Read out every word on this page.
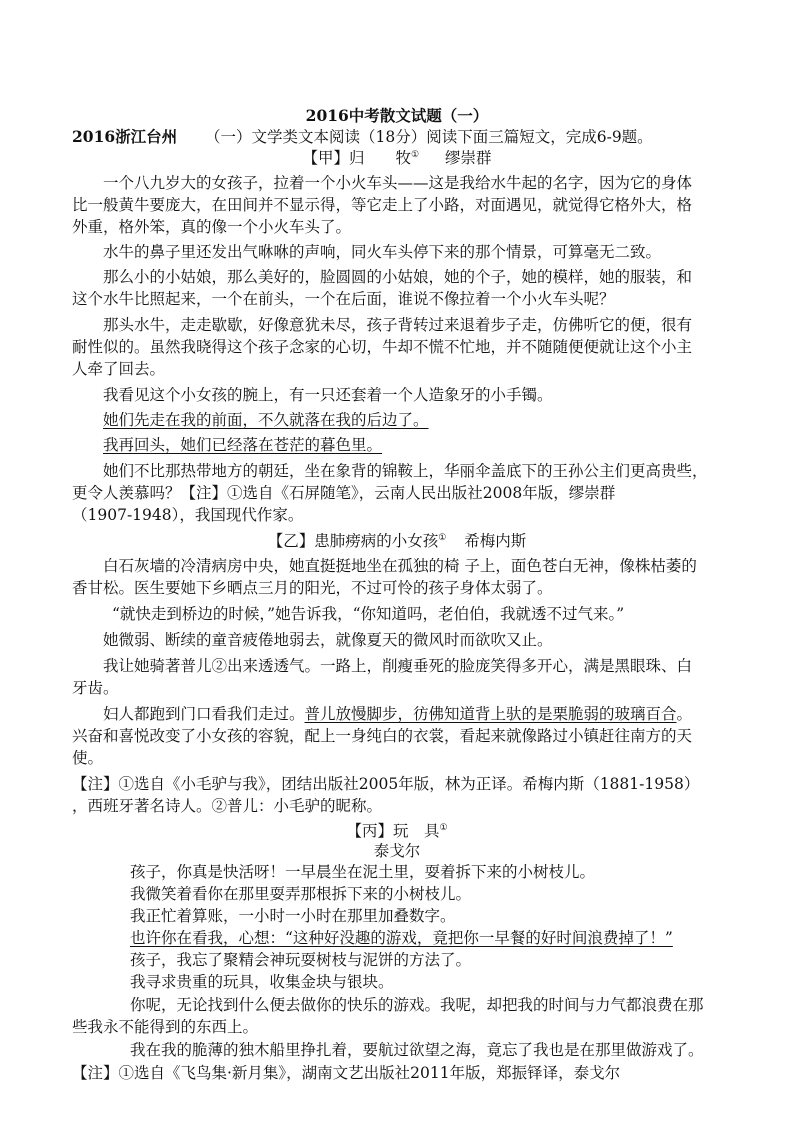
2016中考散文试题（一）
2016浙江台州 （一）文学类文本阅读（18分）阅读下面三篇短文，完成6-9题。
【甲】归　　牧① 缪崇群
一个八九岁大的女孩子，拉着一个小火车头——这是我给水牛起的名字，因为它的身体
比一般黄牛要庞大，在田间并不显示得，等它走上了小路，对面遇见，就觉得它格外大，格
外重，格外笨，真的像一个小火车头了。
水牛的鼻子里还发出气咻咻的声响，同火车头停下来的那个情景，可算毫无二致。
那么小的小姑娘，那么美好的，脸圆圆的小姑娘，她的个子，她的模样，她的服装，和
这个水牛比照起来，一个在前头，一个在后面，谁说不像拉着一个小火车头呢？
那头水牛，走走歇歇，好像意犹未尽，孩子背转过来退着步子走，仿佛听它的便，很有
耐性似的。虽然我晓得这个孩子念家的心切，牛却不慌不忙地，并不随随便便就让这个小主
人牵了回去。
我看见这个小女孩的腕上，有一只还套着一个人造象牙的小手镯。
她们先走在我的前面，不久就落在我的后边了。
我再回头，她们已经落在苍茫的暮色里。
她们不比那热带地方的朝廷，坐在象背的锦鞍上，华丽伞盖底下的王孙公主们更高贵些，
更令人羡慕吗？【注】①选自《石屏随笔》，云南人民出版社2008年版，缪崇群
（1907-1948），我国现代作家。
【乙】患肺痨病的小女孩① 希梅内斯
白石灰墙的冷清病房中央，她直挺挺地坐在孤独的椅 子上，面色苍白无神，像株枯萎的
香甘松。医生要她下乡晒点三月的阳光，不过可怜的孩子身体太弱了。
“就快走到桥边的时候，”她告诉我，“你知道吗，老伯伯，我就透不过气来。”
她微弱、断续的童音疲倦地弱去，就像夏天的微风时而欲吹又止。
我让她骑著普儿②出来透透气。一路上，削瘦垂死的脸庞笑得多开心，满是黑眼珠、白
牙齿。
妇人都跑到门口看我们走过。普儿放慢脚步，彷佛知道背上驮的是栗脆弱的玻璃百合。
兴奋和喜悦改变了小女孩的容貌，配上一身纯白的衣裳，看起来就像路过小镇赶往南方的天
使。
【注】①选自《小毛驴与我》，团结出版社2005年版，林为正译。希梅内斯（1881-1958）
，西班牙著名诗人。②普儿：小毛驴的昵称。
【丙】玩　具①
泰戈尔
孩子，你真是快活呀！一早晨坐在泥土里，耍着拆下来的小树枝儿。
我微笑着看你在那里耍弄那根拆下来的小树枝儿。
我正忙着算账，一小时一小时在那里加叠数字。
也许你在看我，心想：“这种好没趣的游戏，竟把你一早餐的好时间浪费掉了！”
孩子，我忘了聚精会神玩耍树枝与泥饼的方法了。
我寻求贵重的玩具，收集金块与银块。
你呢，无论找到什么便去做你的快乐的游戏。我呢，却把我的时间与力气都浪费在那
些我永不能得到的东西上。
我在我的脆薄的独木船里挣扎着，要航过欲望之海，竟忘了我也是在那里做游戏了。
【注】①选自《飞鸟集·新月集》，湖南文艺出版社2011年版，郑振铎译，泰戈尔
